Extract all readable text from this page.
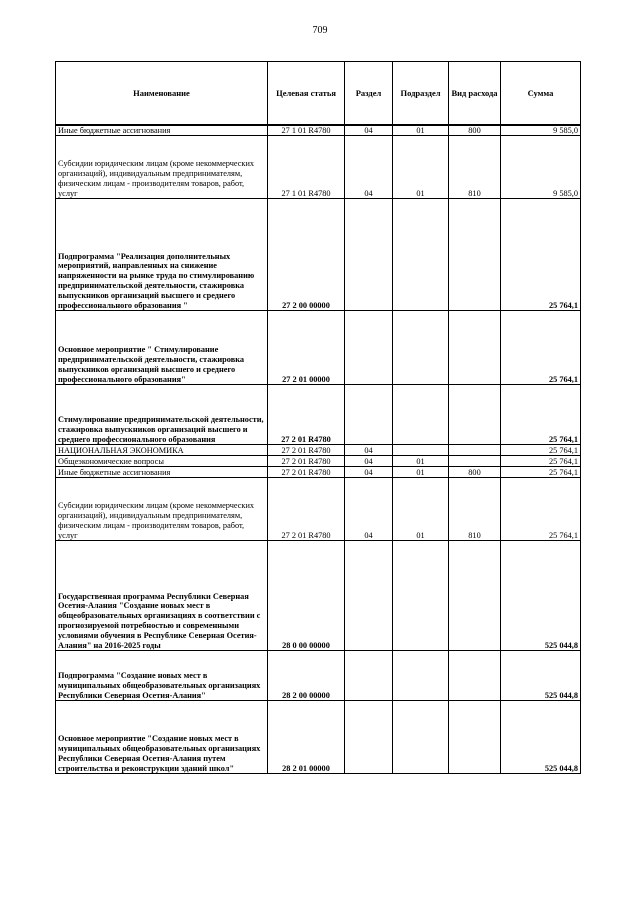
709
Наименование	Целевая статья	Раздел	Подраздел	Вид расхода	Сумма
Иные бюджетные ассигнования	27 1 01 R4780	04	01	800	9 585,0
Субсидии юридическим лицам (кроме некоммерческих организаций), индивидуальным предпринимателям, физическим лицам - производителям товаров, работ, услуг	27 1 01 R4780	04	01	810	9 585,0
Подпрограмма "Реализация дополнительных мероприятий, направленных на снижение напряженности на рынке труда по стимулированию предпринимательской деятельности, стажировка выпускников организаций высшего и среднего профессионального образования "	27 2 00 00000				25 764,1
Основное мероприятие " Стимулирование предпринимательской деятельности, стажировка выпускников организаций высшего и среднего профессионального образования"	27 2 01 00000				25 764,1
Стимулирование предпринимательской деятельности, стажировка выпускников организаций высшего и среднего профессионального образования	27 2 01 R4780				25 764,1
НАЦИОНАЛЬНАЯ ЭКОНОМИКА	27 2 01 R4780	04			25 764,1
Общеэкономические вопросы	27 2 01 R4780	04	01		25 764,1
Иные бюджетные ассигнования	27 2 01 R4780	04	01	800	25 764,1
Субсидии юридическим лицам (кроме некоммерческих организаций), индивидуальным предпринимателям, физическим лицам - производителям товаров, работ, услуг	27 2 01 R4780	04	01	810	25 764,1
Государственная программа Республики Северная Осетия-Алания "Создание новых мест в общеобразовательных организациях в соответствии с прогнозируемой потребностью и современными условиями обучения в Республике Северная Осетия-Алания" на 2016-2025 годы	28 0 00 00000				525 044,8
Подпрограмма "Создание новых мест в муниципальных общеобразовательных организациях Республики Северная Осетия-Алания"	28 2 00 00000				525 044,8
Основное мероприятие "Создание новых мест в муниципальных общеобразовательных организациях Республики Северная Осетия-Алания путем строительства и реконструкции зданий школ"	28 2 01 00000				525 044,8
